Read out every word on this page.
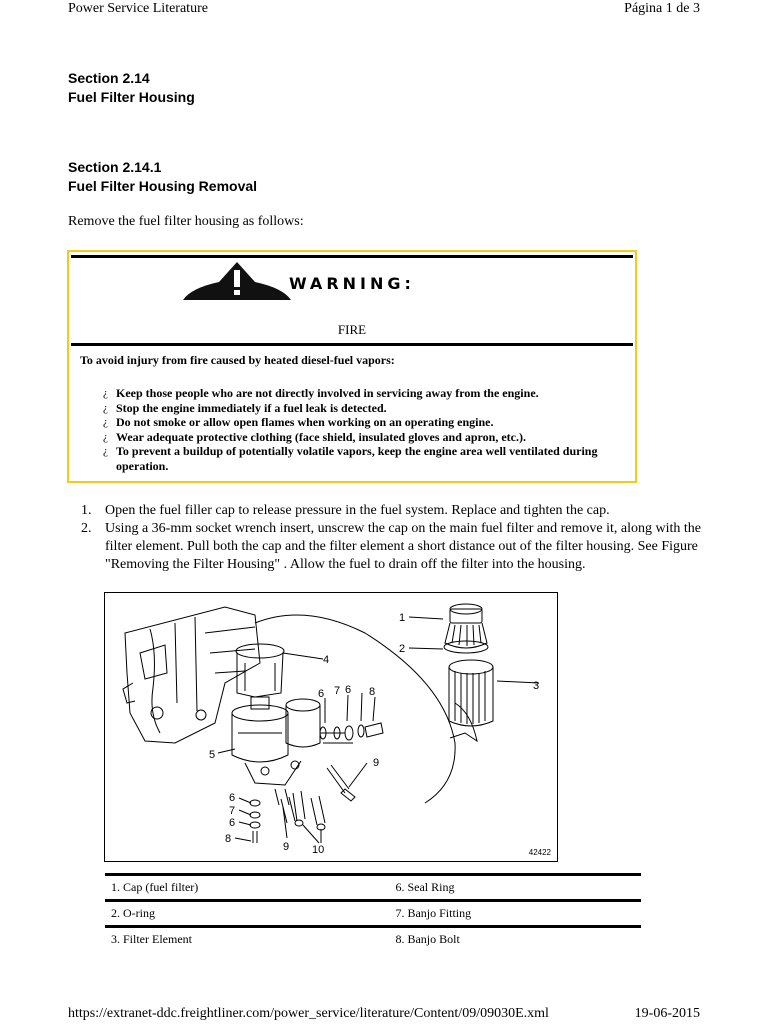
Power Service Literature	Página 1 de 3
Section 2.14
Fuel Filter Housing
Section 2.14.1
Fuel Filter Housing Removal
Remove the fuel filter housing as follows:
WARNING:
FIRE
To avoid injury from fire caused by heated diesel-fuel vapors:
¿ Keep those people who are not directly involved in servicing away from the engine.
¿ Stop the engine immediately if a fuel leak is detected.
¿ Do not smoke or allow open flames when working on an operating engine.
¿ Wear adequate protective clothing (face shield, insulated gloves and apron, etc.).
¿ To prevent a buildup of potentially volatile vapors, keep the engine area well ventilated during operation.
1. Open the fuel filler cap to release pressure in the fuel system. Replace and tighten the cap.
2. Using a 36-mm socket wrench insert, unscrew the cap on the main fuel filter and remove it, along with the filter element. Pull both the cap and the filter element a short distance out of the filter housing. See Figure "Removing the Filter Housing" . Allow the fuel to drain off the filter into the housing.
1
2
3
4
5
6 7 6 8
9
6
7
6
8
9 10	42422
1. Cap (fuel filter)	6. Seal Ring
2. O-ring	7. Banjo Fitting
3. Filter Element	8. Banjo Bolt
https://extranet-ddc.freightliner.com/power_service/literature/Content/09/09030E.xml	19-06-2015
